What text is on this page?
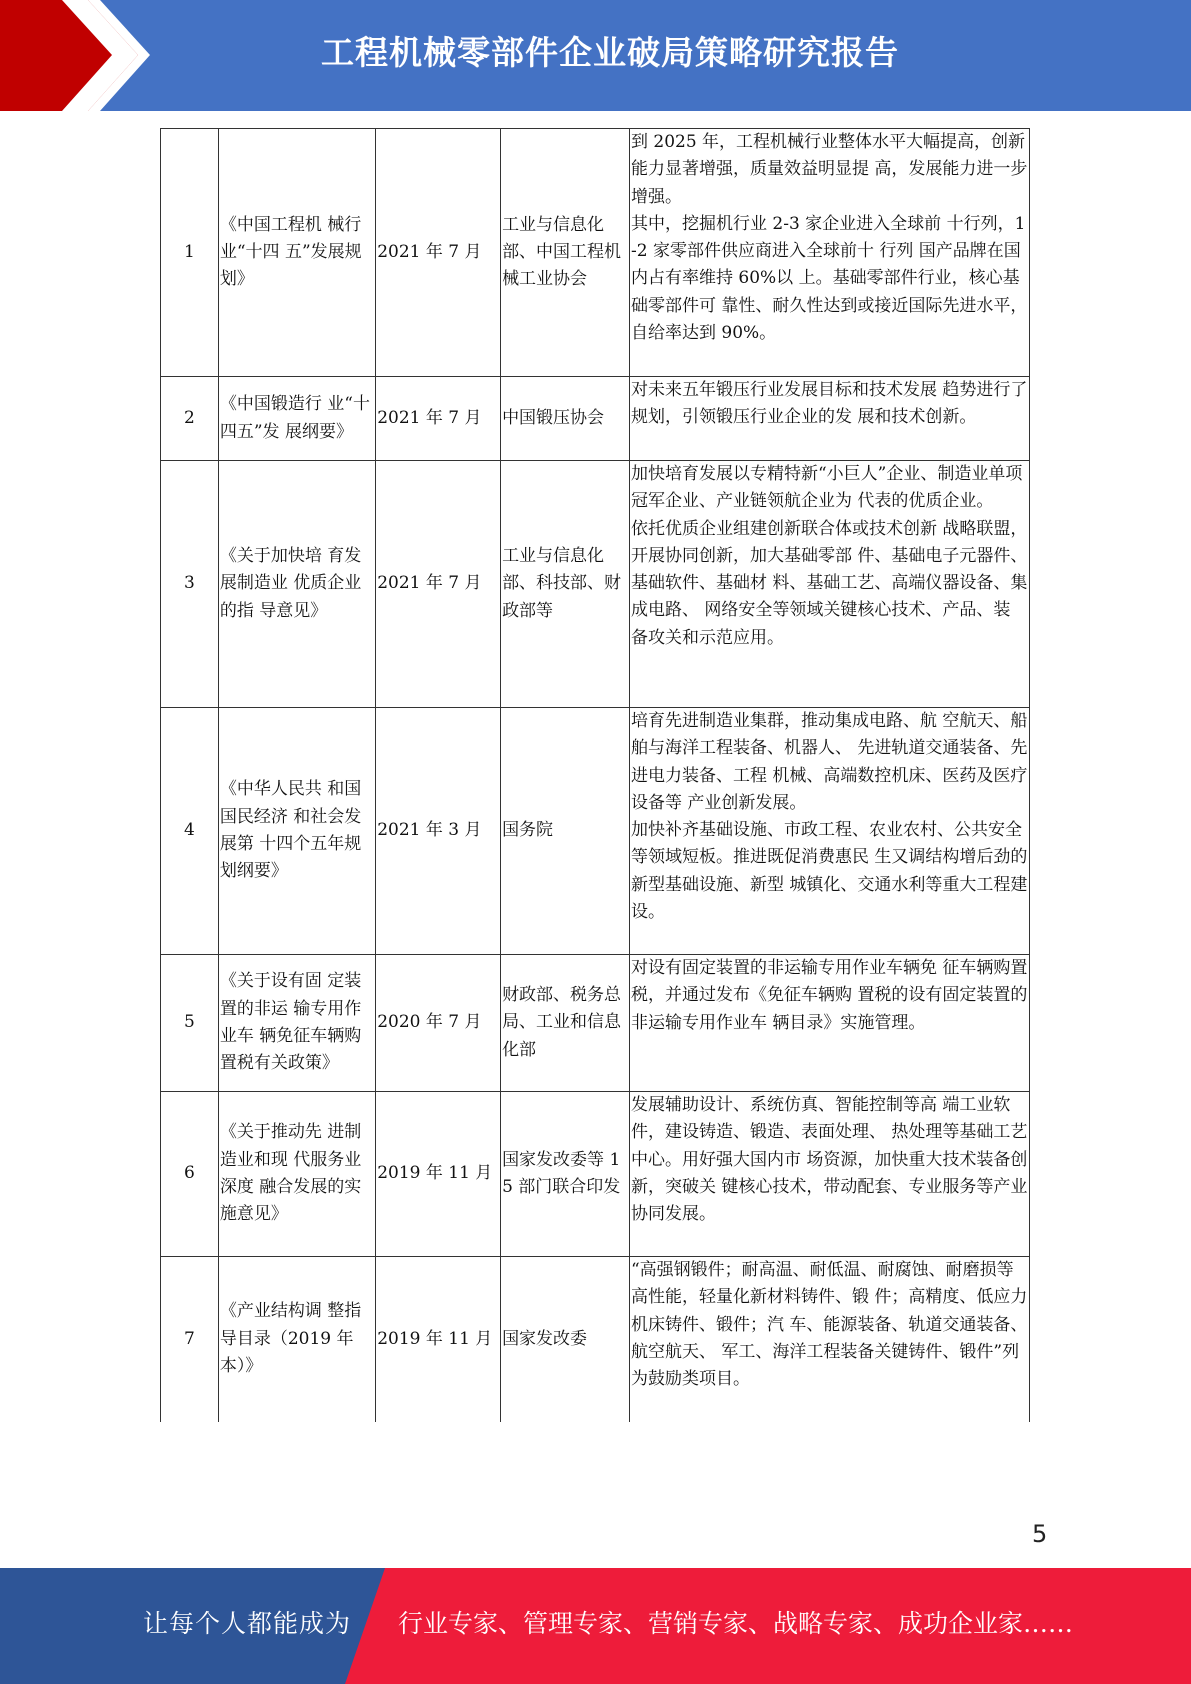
工程机械零部件企业破局策略研究报告
1	《中国工程机 械行业“十四 五”发展规划》	2021 年 7 月	工业与信息化部、中国工程机械工业协会	到 2025 年，工程机械行业整体水平大幅提高，创新能力显著增强，质量效益明显提 高，发展能力进一步增强。
其中，挖掘机行业 2-3 家企业进入全球前 十行列，1-2 家零部件供应商进入全球前十 行列 国产品牌在国内占有率维持 60%以 上。基础零部件行业，核心基础零部件可 靠性、耐久性达到或接近国际先进水平， 自给率达到 90%。

2	《中国锻造行 业“十四五”发 展纲要》	2021 年 7 月	中国锻压协会	对未来五年锻压行业发展目标和技术发展 趋势进行了规划，引领锻压行业企业的发 展和技术创新。

3	《关于加快培 育发展制造业 优质企业的指 导意见》	2021 年 7 月	工业与信息化部、科技部、财政部等	加快培育发展以专精特新“小巨人”企业、制造业单项冠军企业、产业链领航企业为 代表的优质企业。
依托优质企业组建创新联合体或技术创新 战略联盟，开展协同创新，加大基础零部 件、基础电子元器件、基础软件、基础材 料、基础工艺、高端仪器设备、集成电路、 网络安全等领域关键核心技术、产品、装 备攻关和示范应用。

4	《中华人民共 和国国民经济 和社会发展第 十四个五年规 划纲要》	2021 年 3 月	国务院	培育先进制造业集群，推动集成电路、航 空航天、船舶与海洋工程装备、机器人、 先进轨道交通装备、先进电力装备、工程 机械、高端数控机床、医药及医疗设备等 产业创新发展。
加快补齐基础设施、市政工程、农业农村、公共安全等领域短板。推进既促消费惠民 生又调结构增后劲的新型基础设施、新型 城镇化、交通水利等重大工程建设。

5	《关于设有固 定装置的非运 输专用作业车 辆免征车辆购 置税有关政策》	2020 年 7 月	财政部、税务总局、工业和信息化部	对设有固定装置的非运输专用作业车辆免 征车辆购置税，并通过发布《免征车辆购 置税的设有固定装置的非运输专用作业车 辆目录》实施管理。

6	《关于推动先 进制造业和现 代服务业深度 融合发展的实 施意见》	2019 年 11 月	国家发改委等 15 部门联合印发	发展辅助设计、系统仿真、智能控制等高 端工业软件，建设铸造、锻造、表面处理、 热处理等基础工艺中心。用好强大国内市 场资源，加快重大技术装备创新，突破关 键核心技术，带动配套、专业服务等产业 协同发展。

7	《产业结构调 整指导目录（2019 年本）》	2019 年 11 月	国家发改委	“高强钢锻件；耐高温、耐低温、耐腐蚀、耐磨损等高性能，轻量化新材料铸件、锻 件；高精度、低应力机床铸件、锻件；汽 车、能源装备、轨道交通装备、航空航天、 军工、海洋工程装备关键铸件、锻件”列 为鼓励类项目。
5
让每个人都能成为 行业专家、管理专家、营销专家、战略专家、成功企业家……
